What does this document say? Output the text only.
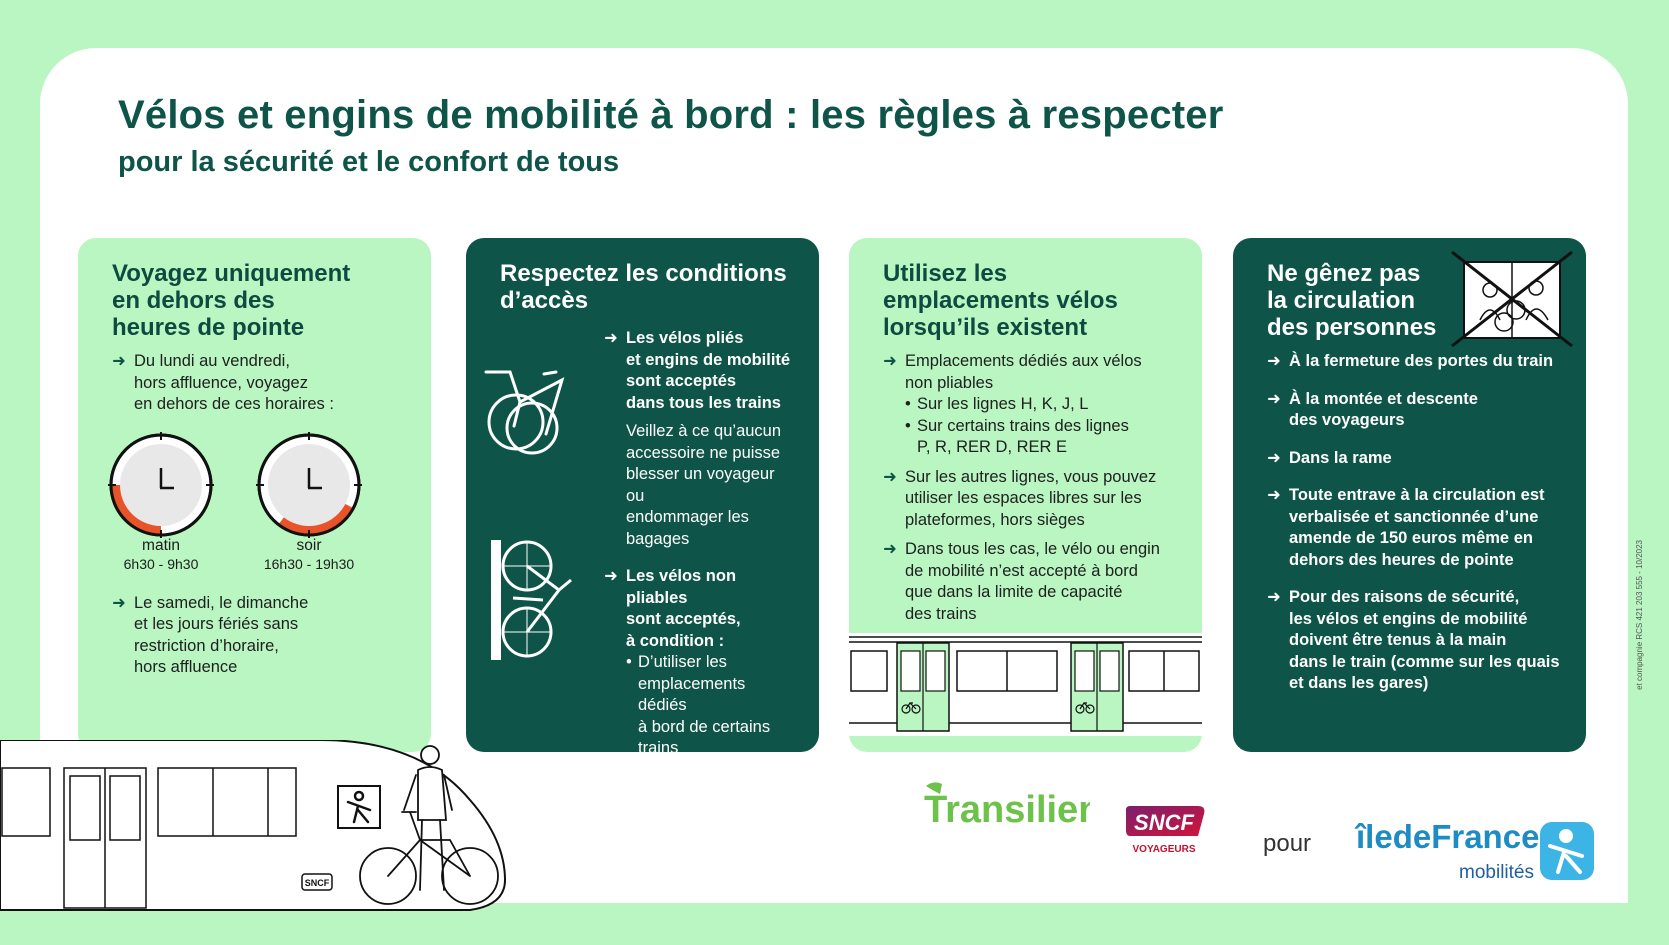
Vélos et engins de mobilité à bord : les règles à respecter
pour la sécurité et le confort de tous
Voyagez uniquement
en dehors des
heures de pointe
➜ Du lundi au vendredi,
hors affluence, voyagez
en dehors de ces horaires :
➜ Le samedi, le dimanche
et les jours fériés sans
restriction d’horaire,
hors affluence
matin
6h30 - 9h30
soir
16h30 - 19h30
Respectez les conditions
d’accès
➜ Les vélos pliés
et engins de mobilité
sont acceptés
dans tous les trains
Veillez à ce qu’aucun
accessoire ne puisse
blesser un voyageur ou
endommager les bagages
➜ Les vélos non pliables
sont acceptés,
à condition :
• D’utiliser les
emplacements dédiés
à bord de certains trains
• D’utiliser les espaces
libres sur les
plateformes, hors siège
Utilisez les
emplacements vélos
lorsqu’ils existent
➜ Emplacements dédiés aux vélos
non pliables
• Sur les lignes H, K, J, L
• Sur certains trains des lignes
P, R, RER D, RER E
➜ Sur les autres lignes, vous pouvez
utiliser les espaces libres sur les
plateformes, hors sièges
➜ Dans tous les cas, le vélo ou engin
de mobilité n’est accepté à bord
que dans la limite de capacité
des trains
Ne gênez pas
la circulation
des personnes
➜ À la fermeture des portes du train
➜ À la montée et descente
des voyageurs
➜ Dans la rame
➜ Toute entrave à la circulation est
verbalisée et sanctionnée d’une
amende de 150 euros même en
dehors des heures de pointe
➜ Pour des raisons de sécurité,
les vélos et engins de mobilité
doivent être tenus à la main
dans le train (comme sur les quais
et dans les gares)
SNCF
Transilien SNCF
VOYAGEURS	pour îledeFrance
mobilités
et compagnie RCS 421 203 555 - 10/2023
